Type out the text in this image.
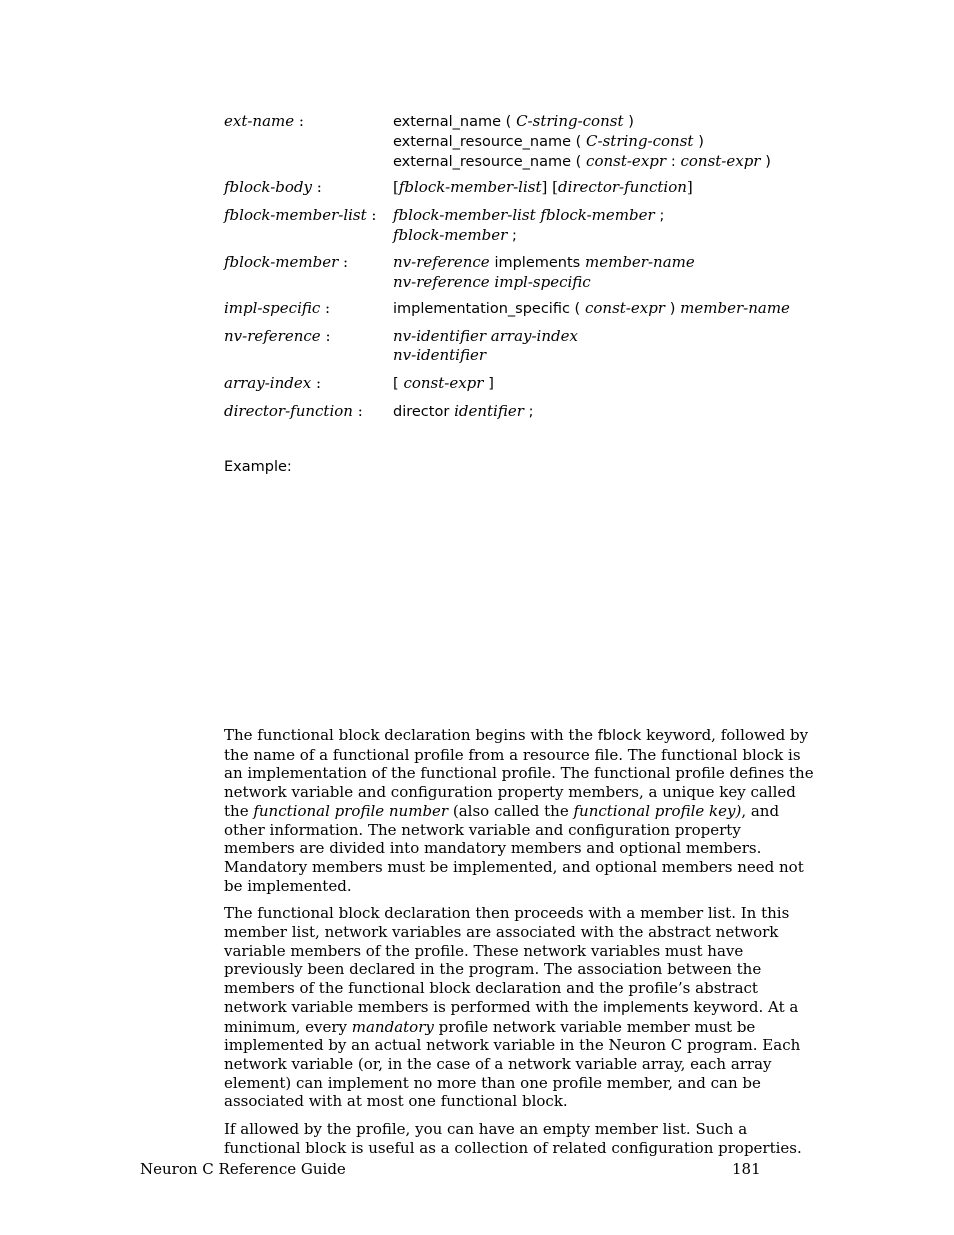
ext-name :	external_name ( C-string-const )
external_resource_name ( C-string-const )
external_resource_name ( const-expr : const-expr )
fblock-body :	[fblock-member-list] [director-function]
fblock-member-list :	fblock-member-list fblock-member ;
fblock-member ;
fblock-member :	nv-reference implements member-name
nv-reference impl-specific
impl-specific :	implementation_specific ( const-expr ) member-name
nv-reference :	nv-identifier array-index
nv-identifier
array-index :	[ const-expr ]
director-function :	director identifier ;
Example:

The functional block declaration begins with the fblock keyword, followed by the name of a functional profile from a resource file. The functional block is an implementation of the functional profile. The functional profile defines the network variable and configuration property members, a unique key called the functional profile number (also called the functional profile key), and other information. The network variable and configuration property members are divided into mandatory members and optional members. Mandatory members must be implemented, and optional members need not be implemented.

The functional block declaration then proceeds with a member list. In this member list, network variables are associated with the abstract network variable members of the profile. These network variables must have previously been declared in the program. The association between the members of the functional block declaration and the profile’s abstract network variable members is performed with the implements keyword. At a minimum, every mandatory profile network variable member must be implemented by an actual network variable in the Neuron C program. Each network variable (or, in the case of a network variable array, each array element) can implement no more than one profile member, and can be associated with at most one functional block.

If allowed by the profile, you can have an empty member list. Such a functional block is useful as a collection of related configuration properties.

Neuron C Reference Guide	181
